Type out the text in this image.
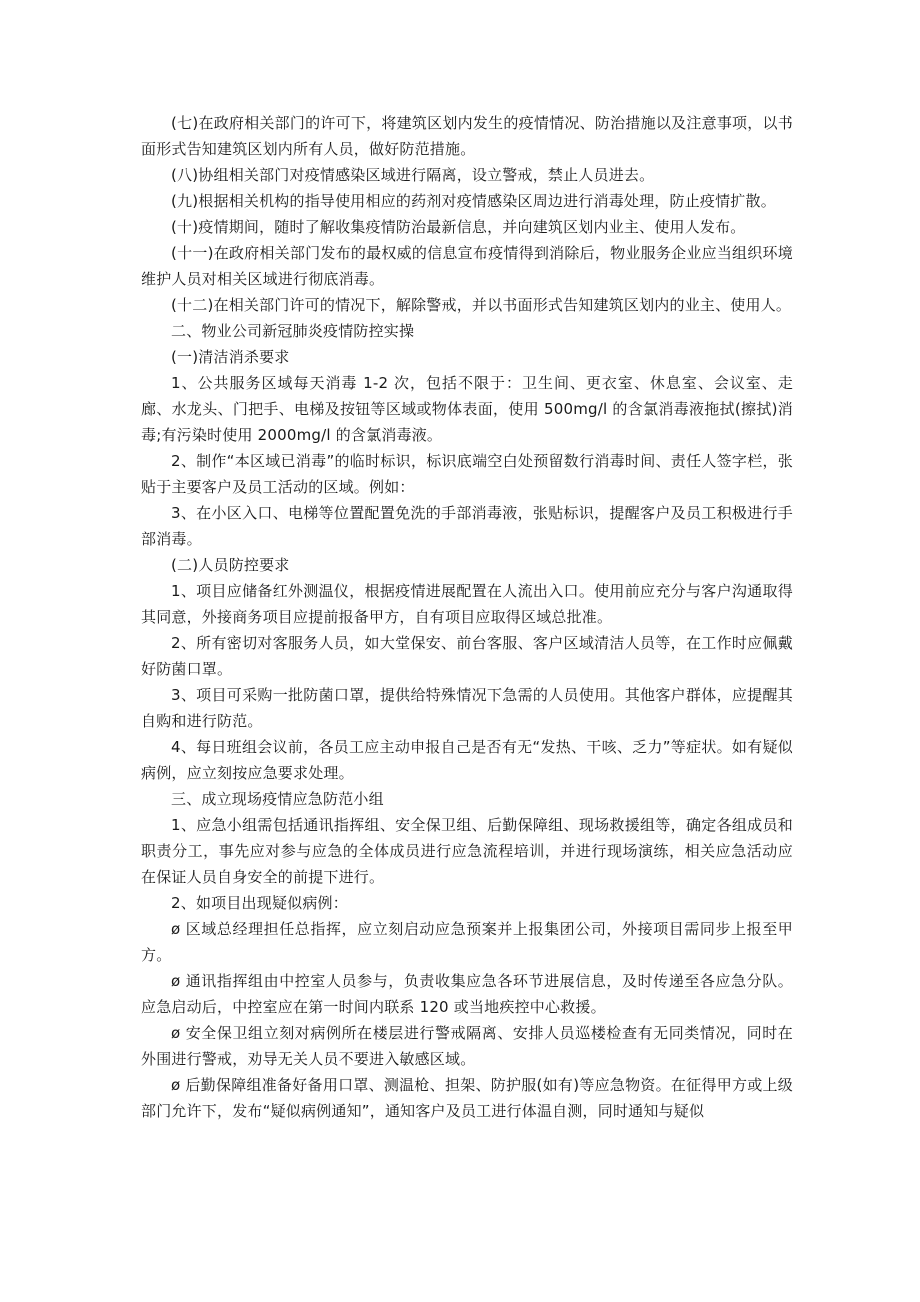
(七)在政府相关部门的许可下，将建筑区划内发生的疫情情况、防治措施以及注意事项，以书面形式告知建筑区划内所有人员，做好防范措施。

(八)协组相关部门对疫情感染区域进行隔离，设立警戒，禁止人员进去。

(九)根据相关机构的指导使用相应的药剂对疫情感染区周边进行消毒处理，防止疫情扩散。

(十)疫情期间，随时了解收集疫情防治最新信息，并向建筑区划内业主、使用人发布。

(十一)在政府相关部门发布的最权威的信息宣布疫情得到消除后，物业服务企业应当组织环境维护人员对相关区域进行彻底消毒。

(十二)在相关部门许可的情况下，解除警戒，并以书面形式告知建筑区划内的业主、使用人。

二、物业公司新冠肺炎疫情防控实操

(一)清洁消杀要求

1、公共服务区域每天消毒 1-2 次，包括不限于：卫生间、更衣室、休息室、会议室、走廊、水龙头、门把手、电梯及按钮等区域或物体表面，使用 500mg/l 的含氯消毒液拖拭(擦拭)消毒;有污染时使用 2000mg/l 的含氯消毒液。

2、制作“本区域已消毒”的临时标识，标识底端空白处预留数行消毒时间、责任人签字栏，张贴于主要客户及员工活动的区域。例如：

3、在小区入口、电梯等位置配置免洗的手部消毒液，张贴标识，提醒客户及员工积极进行手部消毒。

(二)人员防控要求

1、项目应储备红外测温仪，根据疫情进展配置在人流出入口。使用前应充分与客户沟通取得其同意，外接商务项目应提前报备甲方，自有项目应取得区域总批准。

2、所有密切对客服务人员，如大堂保安、前台客服、客户区域清洁人员等，在工作时应佩戴好防菌口罩。

3、项目可采购一批防菌口罩，提供给特殊情况下急需的人员使用。其他客户群体，应提醒其自购和进行防范。

4、每日班组会议前，各员工应主动申报自己是否有无“发热、干咳、乏力”等症状。如有疑似病例，应立刻按应急要求处理。

三、成立现场疫情应急防范小组

1、应急小组需包括通讯指挥组、安全保卫组、后勤保障组、现场救援组等，确定各组成员和职责分工，事先应对参与应急的全体成员进行应急流程培训，并进行现场演练，相关应急活动应在保证人员自身安全的前提下进行。

2、如项目出现疑似病例：

ø 区域总经理担任总指挥，应立刻启动应急预案并上报集团公司，外接项目需同步上报至甲方。

ø 通讯指挥组由中控室人员参与，负责收集应急各环节进展信息，及时传递至各应急分队。应急启动后，中控室应在第一时间内联系 120 或当地疾控中心救援。

ø 安全保卫组立刻对病例所在楼层进行警戒隔离、安排人员巡楼检查有无同类情况，同时在外围进行警戒，劝导无关人员不要进入敏感区域。

ø 后勤保障组准备好备用口罩、测温枪、担架、防护服(如有)等应急物资。在征得甲方或上级部门允许下，发布“疑似病例通知”，通知客户及员工进行体温自测，同时通知与疑似
